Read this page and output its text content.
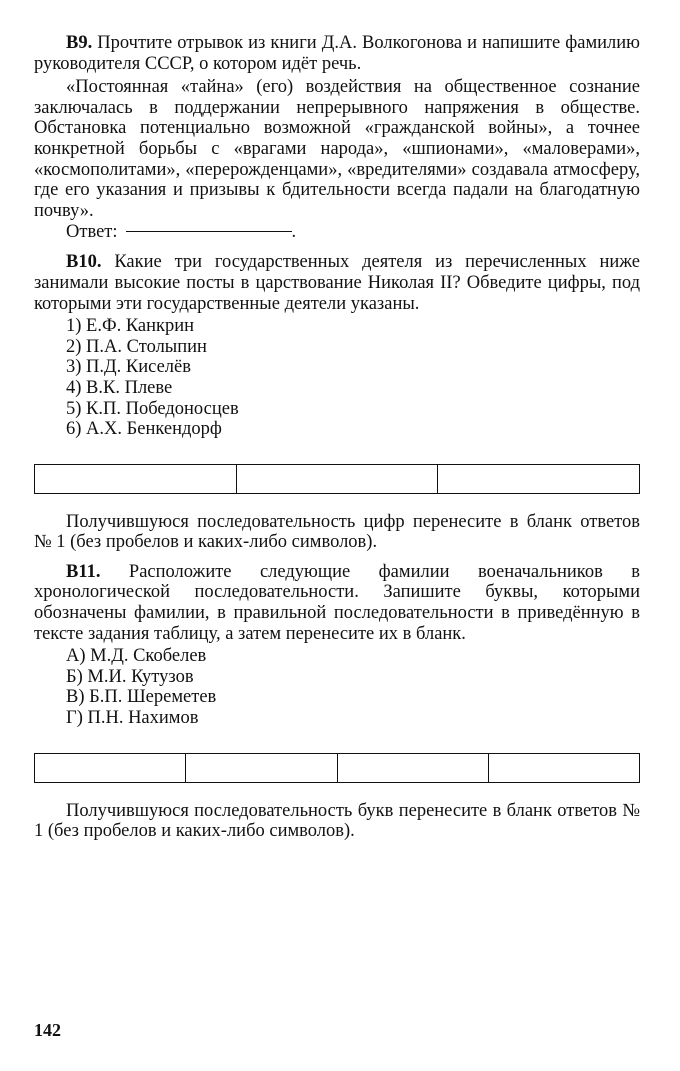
В9. Прочтите отрывок из книги Д.А. Волкогонова и напишите фамилию руководителя СССР, о котором идёт речь.

«Постоянная «тайна» (его) воздействия на общественное сознание заключалась в поддержании непрерывного напряжения в обществе. Обстановка потенциально возможной «гражданской войны», а точнее конкретной борьбы с «врагами народа», «шпионами», «маловерами», «космополитами», «перерожденцами», «вредителями» создавала атмосферу, где его указания и призывы к бдительности всегда падали на благодатную почву».

Ответ:	.

В10. Какие три государственных деятеля из перечисленных ниже занимали высокие посты в царствование Николая II? Обведите цифры, под которыми эти государственные деятели указаны.

1) Е.Ф. Канкрин
2) П.А. Столыпин
3) П.Д. Киселёв
4) В.К. Плеве
5) К.П. Победоносцев
6) А.Х. Бенкендорф

Получившуюся последовательность цифр перенесите в бланк ответов № 1 (без пробелов и каких-либо символов).

В11. Расположите следующие фамилии военачальников в хронологической последовательности. Запишите буквы, которыми обозначены фамилии, в правильной последовательности в приведённую в тексте задания таблицу, а затем перенесите их в бланк.

А) М.Д. Скобелев
Б) М.И. Кутузов
В) Б.П. Шереметев
Г) П.Н. Нахимов

Получившуюся последовательность букв перенесите в бланк ответов № 1 (без пробелов и каких-либо символов).

142
